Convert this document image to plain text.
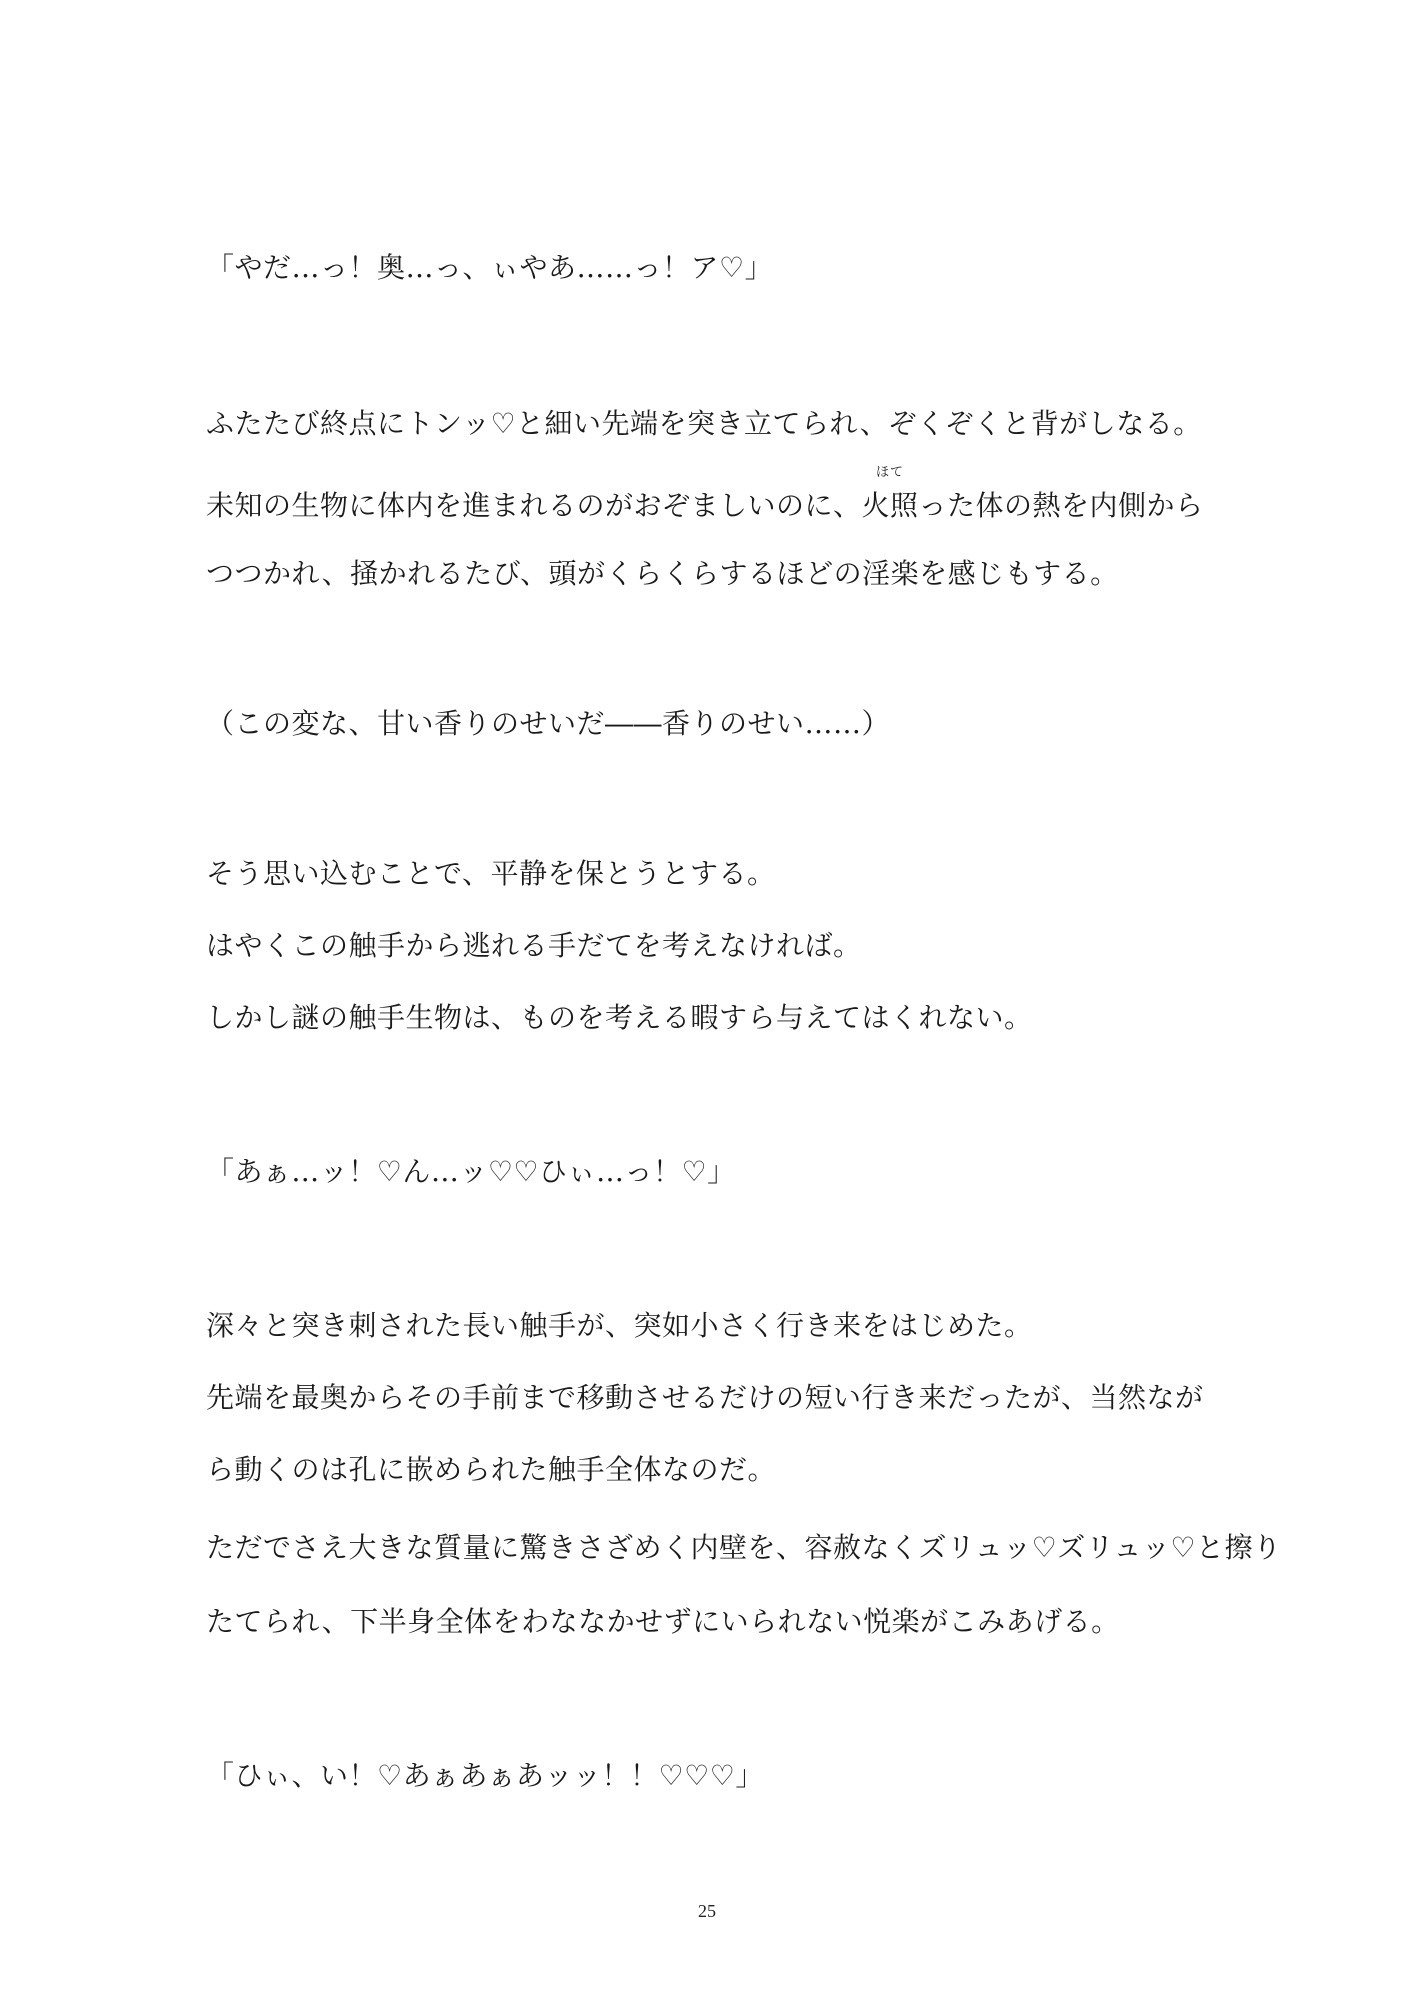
「やだ…っ！奥…っ、ぃやあ……っ！ア♡」
ふたたび終点にトンッ♡と細い先端を突き立てられ、ぞくぞくと背がしなる。
未知の生物に体内を進まれるのがおぞましいのに、火照
ほて
った体の熱を内側から
つつかれ、掻かれるたび、頭がくらくらするほどの淫楽を感じもする。
（この変な、甘い香りのせいだ――香りのせい……）
そう思い込むことで、平静を保とうとする。
はやくこの触手から逃れる手だてを考えなければ。
しかし謎の触手生物は、ものを考える暇すら与えてはくれない。
「あぁ…ッ！♡ん…ッ♡♡ひぃ…っ！♡」
深々と突き刺された長い触手が、突如小さく行き来をはじめた。
先端を最奥からその手前まで移動させるだけの短い行き来だったが、当然なが
ら動くのは孔に嵌められた触手全体なのだ。
ただでさえ大きな質量に驚きさざめく内壁を、容赦なくズリュッ♡ズリュッ♡と擦り
たてられ、下半身全体をわななかせずにいられない悦楽がこみあげる。
「ひぃ、い！♡あぁあぁあッッ！！♡♡♡」
25
